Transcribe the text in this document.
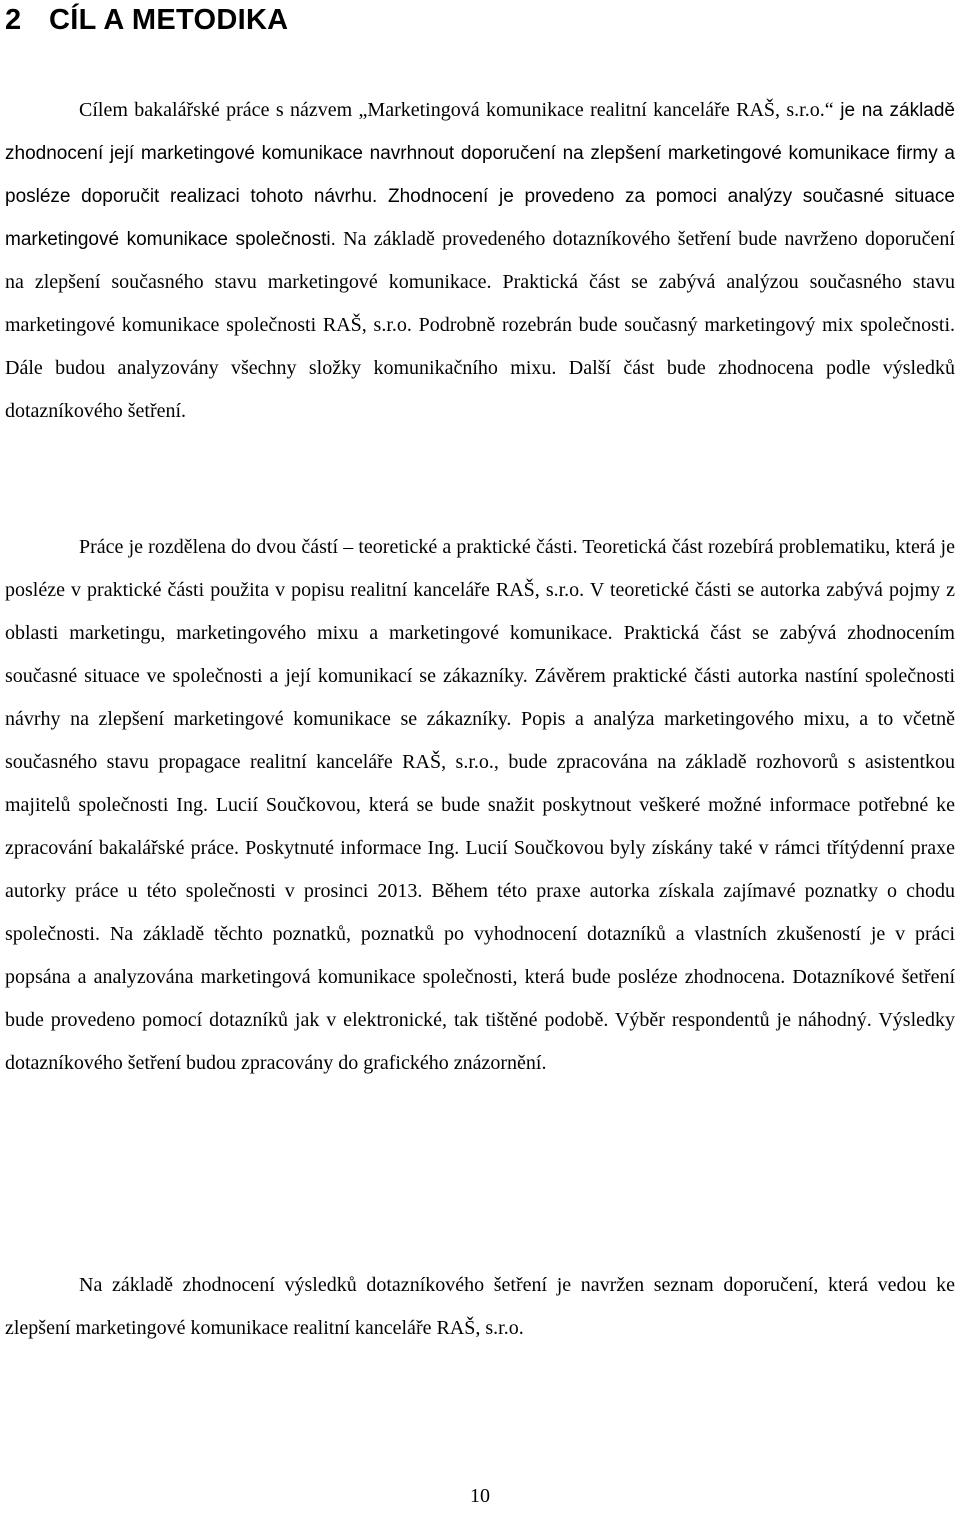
2 CÍL A METODIKA

Cílem bakalářské práce s názvem „Marketingová komunikace realitní kanceláře RAŠ, s.r.o.“ je na základě zhodnocení její marketingové komunikace navrhnout doporučení na zlepšení marketingové komunikace firmy a posléze doporučit realizaci tohoto návrhu. Zhodnocení je provedeno za pomoci analýzy současné situace marketingové komunikace společnosti. Na základě provedeného dotazníkového šetření bude navrženo doporučení na zlepšení současného stavu marketingové komunikace. Praktická část se zabývá analýzou současného stavu marketingové komunikace společnosti RAŠ, s.r.o. Podrobně rozebrán bude současný marketingový mix společnosti. Dále budou analyzovány všechny složky komunikačního mixu. Další část bude zhodnocena podle výsledků dotazníkového šetření.

Práce je rozdělena do dvou částí – teoretické a praktické části. Teoretická část rozebírá problematiku, která je posléze v praktické části použita v popisu realitní kanceláře RAŠ, s.r.o. V teoretické části se autorka zabývá pojmy z oblasti marketingu, marketingového mixu a marketingové komunikace. Praktická část se zabývá zhodnocením současné situace ve společnosti a její komunikací se zákazníky. Závěrem praktické části autorka nastíní společnosti návrhy na zlepšení marketingové komunikace se zákazníky. Popis a analýza marketingového mixu, a to včetně současného stavu propagace realitní kanceláře RAŠ, s.r.o., bude zpracována na základě rozhovorů s asistentkou majitelů společnosti Ing. Lucií Součkovou, která se bude snažit poskytnout veškeré možné informace potřebné ke zpracování bakalářské práce. Poskytnuté informace Ing. Lucií Součkovou byly získány také v rámci třítýdenní praxe autorky práce u této společnosti v prosinci 2013. Během této praxe autorka získala zajímavé poznatky o chodu společnosti. Na základě těchto poznatků, poznatků po vyhodnocení dotazníků a vlastních zkušeností je v práci popsána a analyzována marketingová komunikace společnosti, která bude posléze zhodnocena. Dotazníkové šetření bude provedeno pomocí dotazníků jak v elektronické, tak tištěné podobě. Výběr respondentů je náhodný. Výsledky dotazníkového šetření budou zpracovány do grafického znázornění.

Na základě zhodnocení výsledků dotazníkového šetření je navržen seznam doporučení, která vedou ke zlepšení marketingové komunikace realitní kanceláře RAŠ, s.r.o.

10
